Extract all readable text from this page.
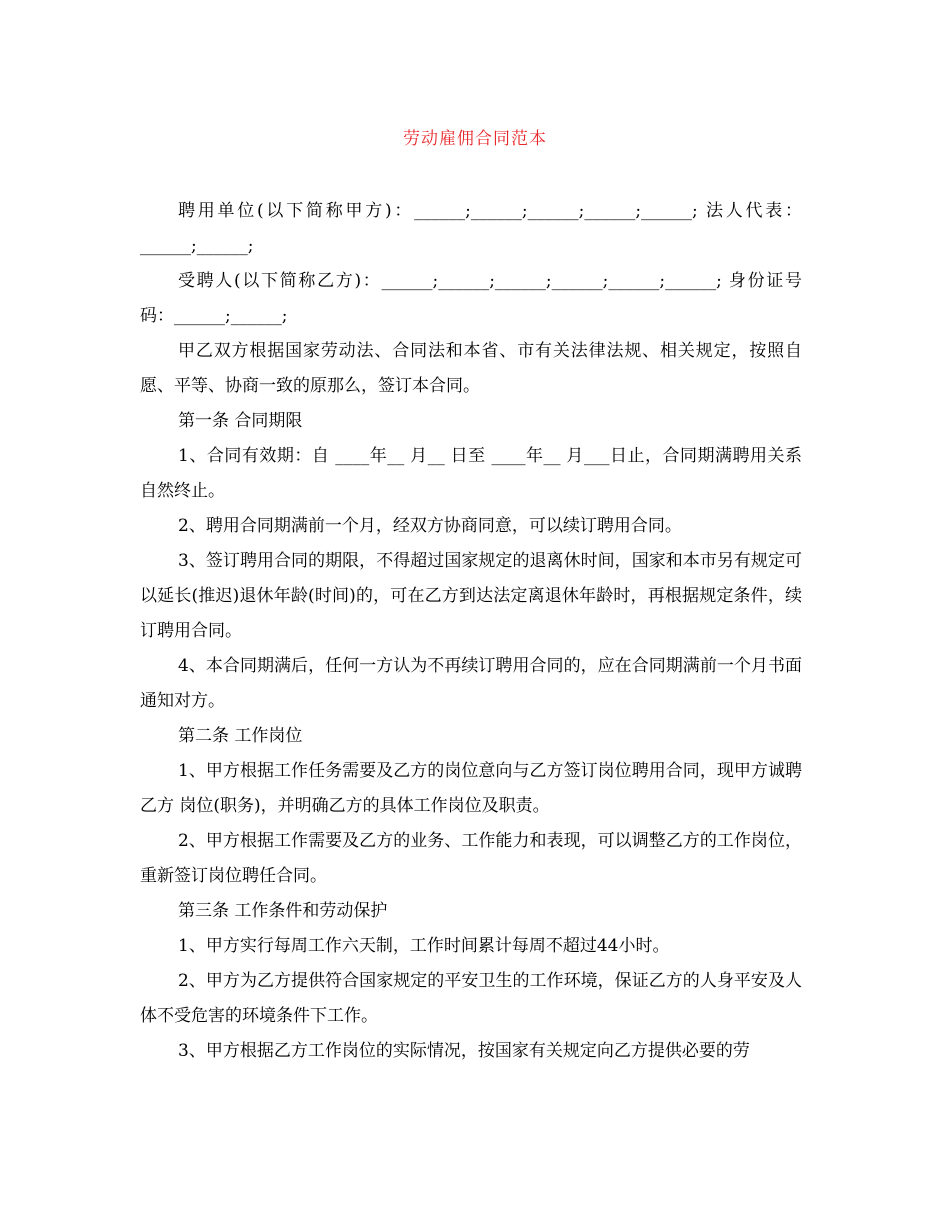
劳动雇佣合同范本

聘用单位(以下简称甲方)：______;______;______;______;______; 法人代表：______;______;

受聘人(以下简称乙方)：______;______;______;______;______;______; 身份证号码：______;______;

甲乙双方根据国家劳动法、合同法和本省、市有关法律法规、相关规定，按照自愿、平等、协商一致的原那么，签订本合同。

第一条 合同期限

1、合同有效期：自 ____年__ 月__ 日至 ____年__ 月___日止，合同期满聘用关系自然终止。

2、聘用合同期满前一个月，经双方协商同意，可以续订聘用合同。

3、签订聘用合同的期限，不得超过国家规定的退离休时间，国家和本市另有规定可以延长(推迟)退休年龄(时间)的，可在乙方到达法定离退休年龄时，再根据规定条件，续订聘用合同。

4、本合同期满后，任何一方认为不再续订聘用合同的，应在合同期满前一个月书面通知对方。

第二条 工作岗位

1、甲方根据工作任务需要及乙方的岗位意向与乙方签订岗位聘用合同，现甲方诚聘乙方 岗位(职务)，并明确乙方的具体工作岗位及职责。

2、甲方根据工作需要及乙方的业务、工作能力和表现，可以调整乙方的工作岗位，重新签订岗位聘任合同。

第三条 工作条件和劳动保护

1、甲方实行每周工作六天制，工作时间累计每周不超过44小时。

2、甲方为乙方提供符合国家规定的平安卫生的工作环境，保证乙方的人身平安及人体不受危害的环境条件下工作。

3、甲方根据乙方工作岗位的实际情况，按国家有关规定向乙方提供必要的劳
